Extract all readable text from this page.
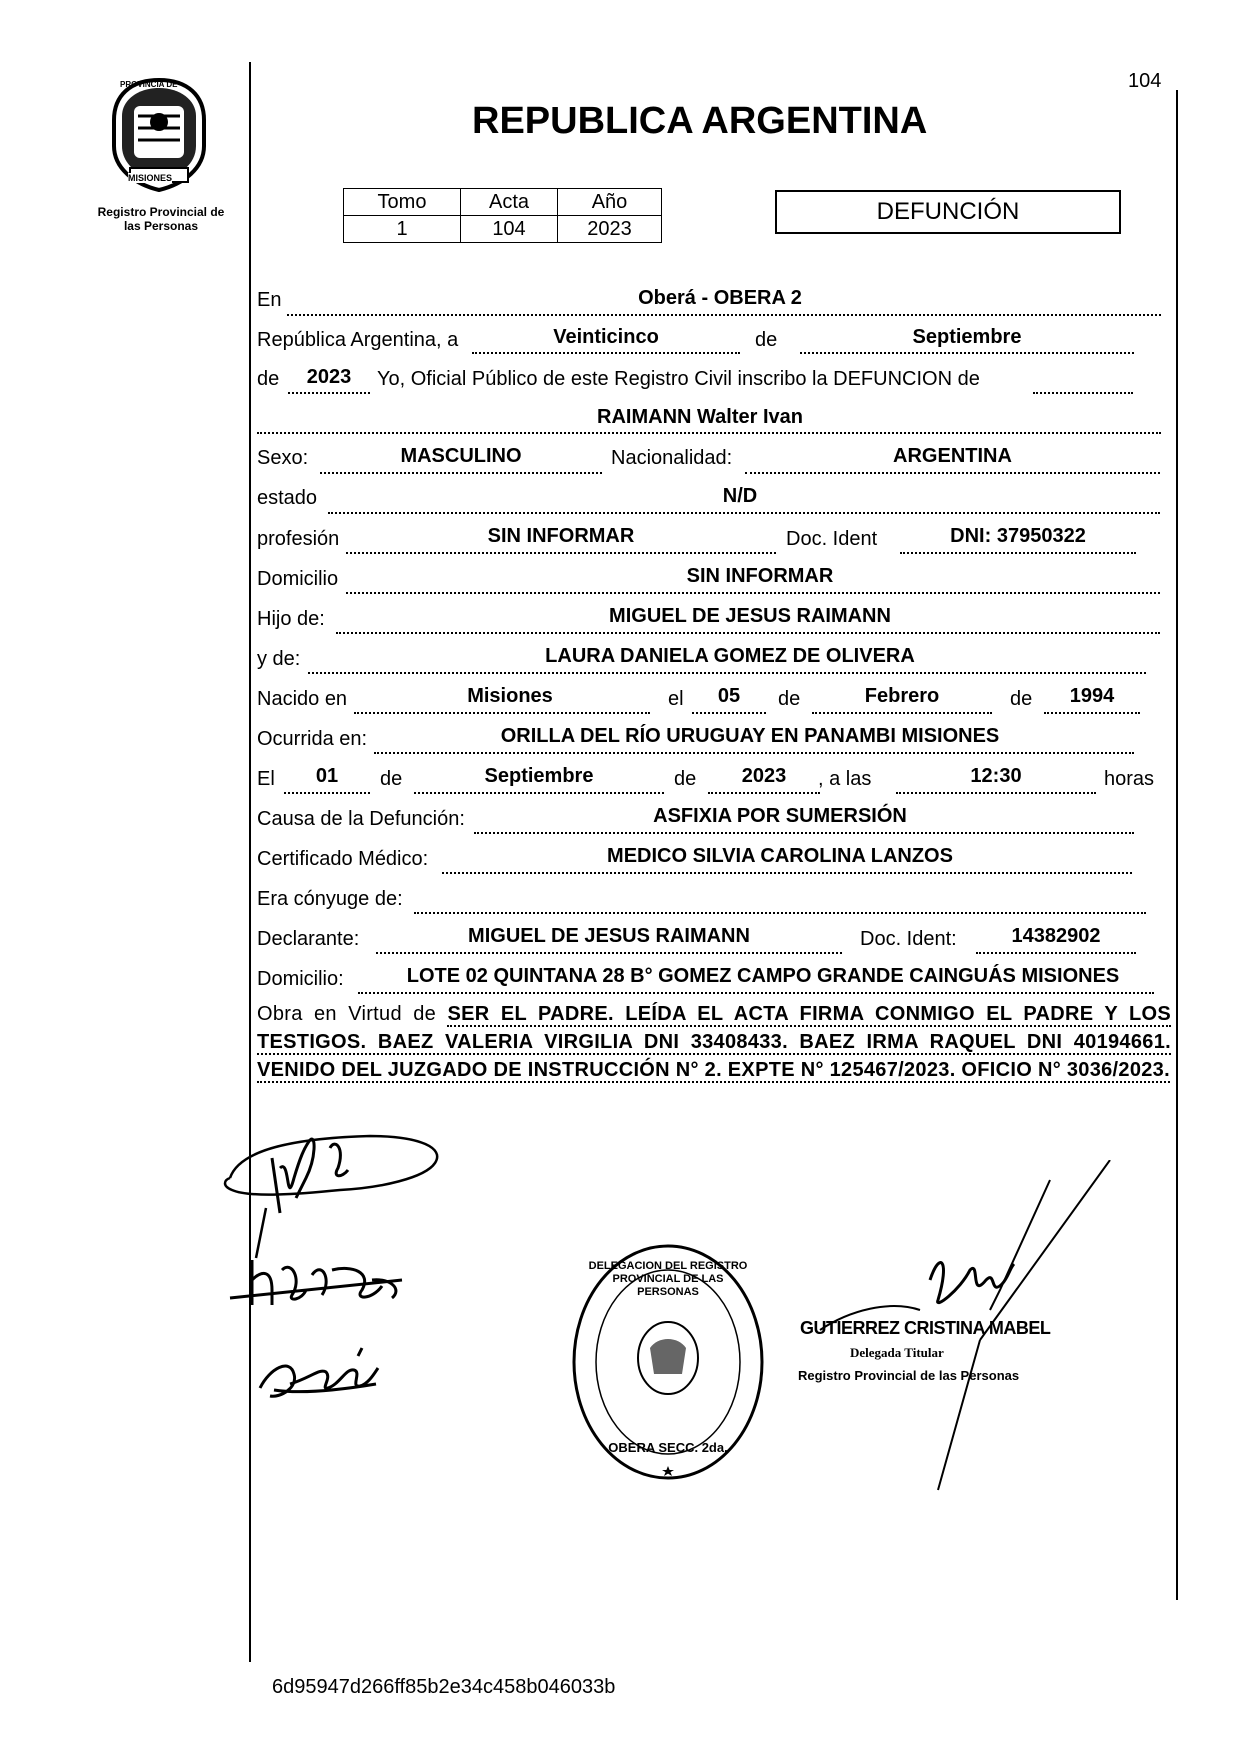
PROVINCIA DE
MISIONES
Registro Provincial de las Personas
104
REPUBLICA ARGENTINA
Tomo	Acta	Año
1	104	2023
DEFUNCIÓN
En	Oberá - OBERA 2
República Argentina, a	Veinticinco	de	Septiembre
de	2023	Yo, Oficial Público de este Registro Civil inscribo la DEFUNCION de
RAIMANN Walter Ivan
Sexo:	MASCULINO	Nacionalidad:	ARGENTINA
estado	N/D
profesión	SIN INFORMAR	Doc. Ident	DNI: 37950322
Domicilio	SIN INFORMAR
Hijo de:	MIGUEL DE JESUS RAIMANN
y de:	LAURA DANIELA GOMEZ DE OLIVERA
Nacido en	Misiones	el	05	de	Febrero	de	1994
Ocurrida en:	ORILLA DEL RÍO URUGUAY EN PANAMBI MISIONES
El	01	de	Septiembre	de	2023	, a las	12:30	horas
Causa de la Defunción:	ASFIXIA POR SUMERSIÓN
Certificado Médico:	MEDICO SILVIA CAROLINA LANZOS
Era cónyuge de:
Declarante:	MIGUEL DE JESUS RAIMANN	Doc. Ident:	14382902
Domicilio:	LOTE 02 QUINTANA 28 B° GOMEZ CAMPO GRANDE CAINGUÁS MISIONES
Obra en Virtud de SER EL PADRE. LEÍDA EL ACTA FIRMA CONMIGO EL PADRE Y LOS TESTIGOS. BAEZ VALERIA VIRGILIA DNI 33408433. BAEZ IRMA RAQUEL DNI 40194661. VENIDO DEL JUZGADO DE INSTRUCCIÓN N° 2. EXPTE N° 125467/2023. OFICIO N° 3036/2023.
DELEGACION DEL REGISTRO PROVINCIAL DE LAS PERSONAS
OBERA SECC. 2da.
GUTIERREZ CRISTINA MABEL
Delegada Titular
Registro Provincial de las Personas
6d95947d266ff85b2e34c458b046033b
